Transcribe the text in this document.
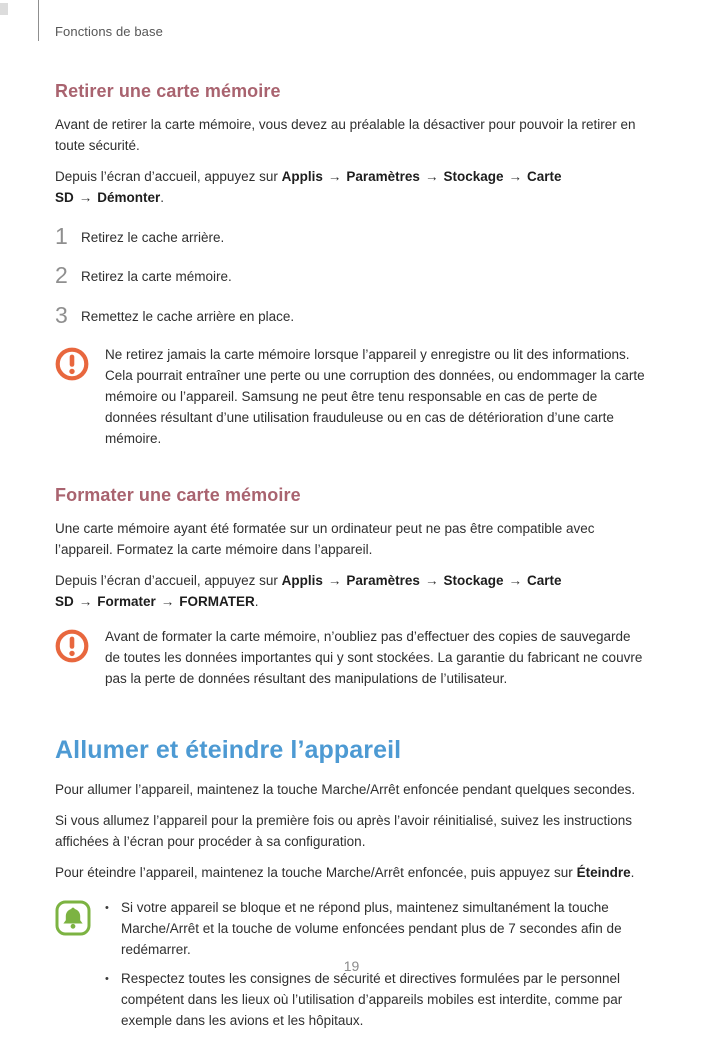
Fonctions de base
Retirer une carte mémoire

Avant de retirer la carte mémoire, vous devez au préalable la désactiver pour pouvoir la retirer en toute sécurité.

Depuis l’écran d’accueil, appuyez sur Applis → Paramètres → Stockage → Carte SD → Démonter.

1 Retirez le cache arrière.
2 Retirez la carte mémoire.
3 Remettez le cache arrière en place.

Ne retirez jamais la carte mémoire lorsque l’appareil y enregistre ou lit des informations. Cela pourrait entraîner une perte ou une corruption des données, ou endommager la carte mémoire ou l’appareil. Samsung ne peut être tenu responsable en cas de perte de données résultant d’une utilisation frauduleuse ou en cas de détérioration d’une carte mémoire.

Formater une carte mémoire

Une carte mémoire ayant été formatée sur un ordinateur peut ne pas être compatible avec l’appareil. Formatez la carte mémoire dans l’appareil.

Depuis l’écran d’accueil, appuyez sur Applis → Paramètres → Stockage → Carte SD → Formater → FORMATER.

Avant de formater la carte mémoire, n’oubliez pas d’effectuer des copies de sauvegarde de toutes les données importantes qui y sont stockées. La garantie du fabricant ne couvre pas la perte de données résultant des manipulations de l’utilisateur.

Allumer et éteindre l’appareil

Pour allumer l’appareil, maintenez la touche Marche/Arrêt enfoncée pendant quelques secondes.

Si vous allumez l’appareil pour la première fois ou après l’avoir réinitialisé, suivez les instructions affichées à l’écran pour procéder à sa configuration.

Pour éteindre l’appareil, maintenez la touche Marche/Arrêt enfoncée, puis appuyez sur Éteindre.

• Si votre appareil se bloque et ne répond plus, maintenez simultanément la touche Marche/Arrêt et la touche de volume enfoncées pendant plus de 7 secondes afin de redémarrer.
• Respectez toutes les consignes de sécurité et directives formulées par le personnel compétent dans les lieux où l’utilisation d’appareils mobiles est interdite, comme par exemple dans les avions et les hôpitaux.
19
